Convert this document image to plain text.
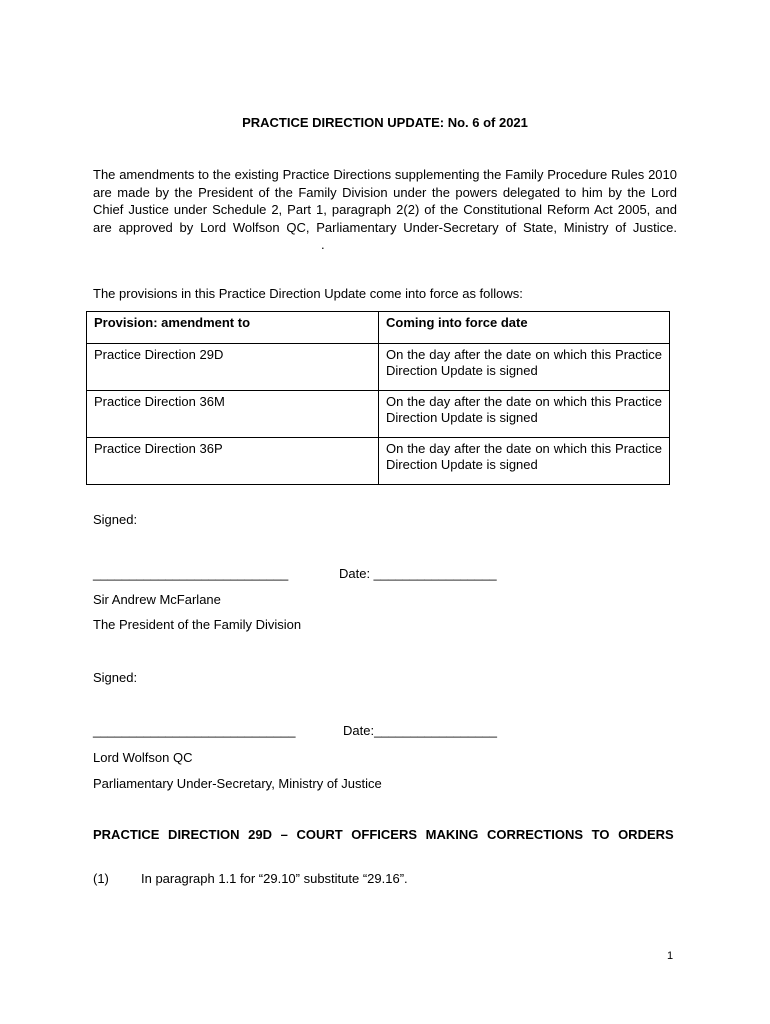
PRACTICE DIRECTION UPDATE: No. 6 of 2021
The amendments to the existing Practice Directions supplementing the Family Procedure Rules 2010 are made by the President of the Family Division under the powers delegated to him by the Lord Chief Justice under Schedule 2, Part 1, paragraph 2(2) of the Constitutional Reform Act 2005, and are approved by Lord Wolfson QC, Parliamentary Under-Secretary of State, Ministry of Justice..
The provisions in this Practice Direction Update come into force as follows:
Provision: amendment to	Coming into force date
Practice Direction 29D	On the day after the date on which this Practice Direction Update is signed
Practice Direction 36M	On the day after the date on which this Practice Direction Update is signed
Practice Direction 36P	On the day after the date on which this Practice Direction Update is signed
Signed:
___________________________	Date: _________________
Sir Andrew McFarlane
The President of the Family Division
Signed:
____________________________	Date:_________________
Lord Wolfson QC
Parliamentary Under-Secretary, Ministry of Justice
PRACTICE DIRECTION 29D – COURT OFFICERS MAKING CORRECTIONS TO ORDERS
(1) In paragraph 1.1 for “29.10” substitute “29.16”.
1
